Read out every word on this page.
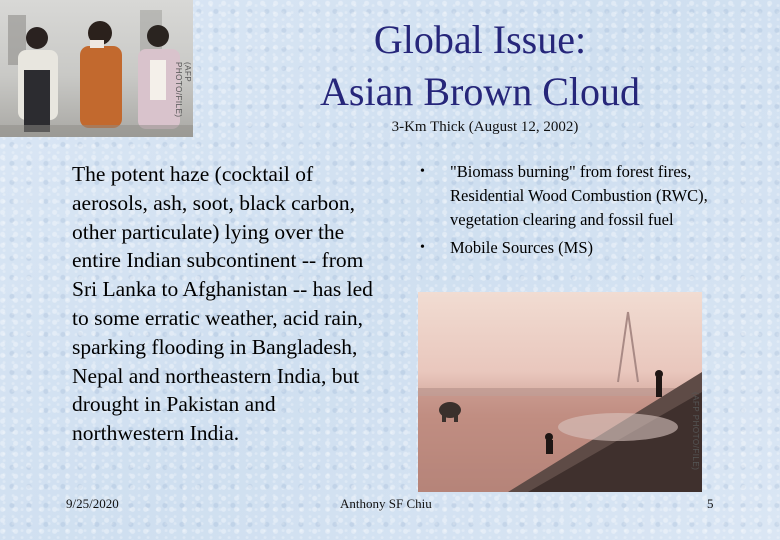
(AFP PHOTO/FILE)
Global Issue:
Asian Brown Cloud
3-Km Thick (August 12, 2002)
The potent haze (cocktail of aerosols, ash, soot, black carbon, other particulate) lying over the entire Indian subcontinent -- from Sri Lanka to Afghanistan -- has led to some erratic weather, acid rain, sparking flooding in Bangladesh, Nepal and northeastern India, but drought in Pakistan and northwestern India.
•	"Biomass burning" from forest fires, Residential Wood Combustion (RWC), vegetation clearing and fossil fuel
•	Mobile Sources (MS)
(AFP PHOTO/FILE)
9/25/2020	Anthony SF Chiu	5
